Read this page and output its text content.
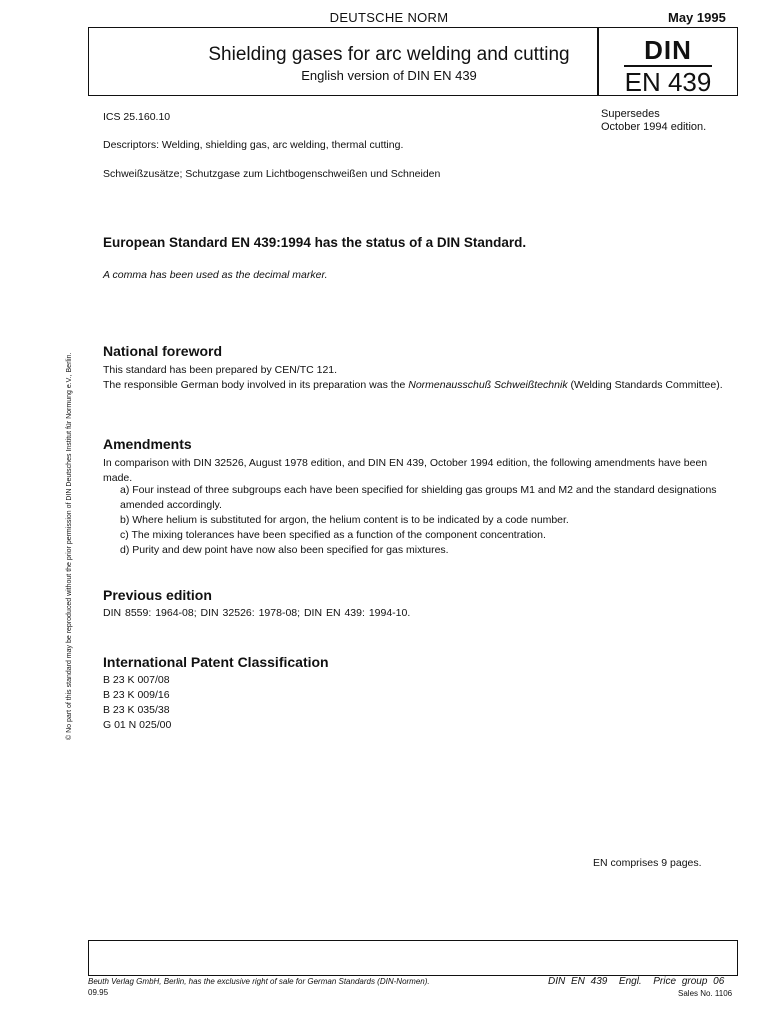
DEUTSCHE NORM	May 1995
Shielding gases for arc welding and cutting
English version of DIN EN 439
DIN
EN 439
ICS 25.160.10	Supersedes
October 1994 edition.
Descriptors: Welding, shielding gas, arc welding, thermal cutting.
Schweißzusätze; Schutzgase zum Lichtbogenschweißen und Schneiden
European Standard EN 439:1994 has the status of a DIN Standard.
A comma has been used as the decimal marker.
National foreword
This standard has been prepared by CEN/TC 121.
The responsible German body involved in its preparation was the Normenausschuß Schweißtechnik (Welding Standards Committee).
Amendments
In comparison with DIN 32526, August 1978 edition, and DIN EN 439, October 1994 edition, the following amendments have been made.

a) Four instead of three subgroups each have been specified for shielding gas groups M1 and M2 and the standard designations amended accordingly.

b) Where helium is substituted for argon, the helium content is to be indicated by a code number.

c) The mixing tolerances have been specified as a function of the component concentration.

d) Purity and dew point have now also been specified for gas mixtures.

Previous edition
DIN 8559: 1964-08; DIN 32526: 1978-08; DIN EN 439: 1994-10.
International Patent Classification
B 23 K 007/08
B 23 K 009/16
B 23 K 035/38
G 01 N 025/00
EN comprises 9 pages.
Beuth Verlag GmbH, Berlin, has the exclusive right of sale for German Standards (DIN-Normen).
09.95
DIN EN 439  Engl.  Price group 06
Sales No. 1106
© No part of this standard may be reproduced without the prior permission of DIN Deutsches Institut für Normung e.V., Berlin.
